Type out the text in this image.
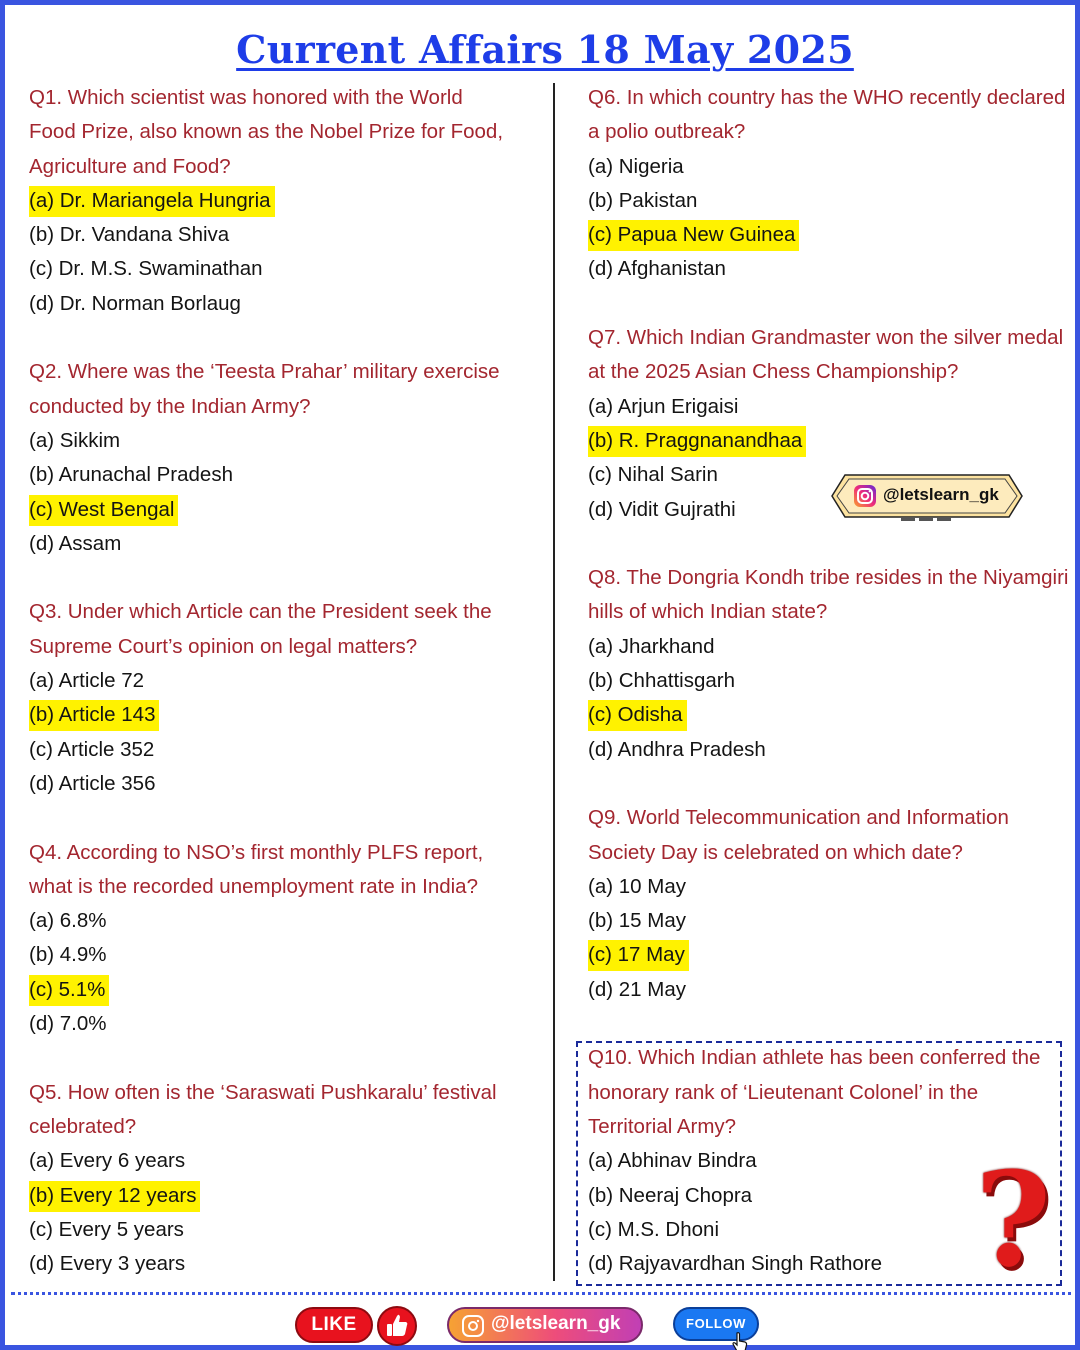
Current Affairs 18 May 2025
Q1. Which scientist was honored with the World
Food Prize, also known as the Nobel Prize for Food,
Agriculture and Food?
(a) Dr. Mariangela Hungria
(b) Dr. Vandana Shiva
(c) Dr. M.S. Swaminathan
(d) Dr. Norman Borlaug
Q2. Where was the ‘Teesta Prahar’ military exercise
conducted by the Indian Army?
(a) Sikkim
(b) Arunachal Pradesh
(c) West Bengal
(d) Assam
Q3. Under which Article can the President seek the
Supreme Court’s opinion on legal matters?
(a) Article 72
(b) Article 143
(c) Article 352
(d) Article 356
Q4. According to NSO’s first monthly PLFS report,
what is the recorded unemployment rate in India?
(a) 6.8%
(b) 4.9%
(c) 5.1%
(d) 7.0%
Q5. How often is the ‘Saraswati Pushkaralu’ festival
celebrated?
(a) Every 6 years
(b) Every 12 years
(c) Every 5 years
(d) Every 3 years
Q6. In which country has the WHO recently declared
a polio outbreak?
(a) Nigeria
(b) Pakistan
(c) Papua New Guinea
(d) Afghanistan
Q7. Which Indian Grandmaster won the silver medal
at the 2025 Asian Chess Championship?
(a) Arjun Erigaisi
(b) R. Praggnanandhaa
(c) Nihal Sarin
(d) Vidit Gujrathi
Q8. The Dongria Kondh tribe resides in the Niyamgiri
hills of which Indian state?
(a) Jharkhand
(b) Chhattisgarh
(c) Odisha
(d) Andhra Pradesh
Q9. World Telecommunication and Information
Society Day is celebrated on which date?
(a) 10 May
(b) 15 May
(c) 17 May
(d) 21 May
Q10. Which Indian athlete has been conferred the
honorary rank of ‘Lieutenant Colonel’ in the
Territorial Army?
(a) Abhinav Bindra
(b) Neeraj Chopra
(c) M.S. Dhoni
(d) Rajyavardhan Singh Rathore
@letslearn_gk
?
LIKE	@letslearn_gk	FOLLOW
